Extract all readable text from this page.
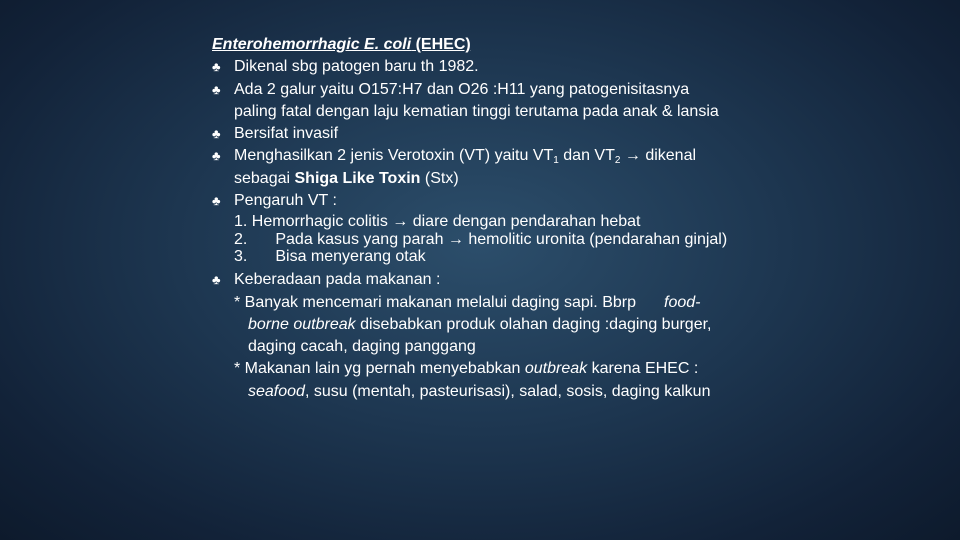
Enterohemorrhagic E. coli (EHEC)
♣ Dikenal sbg patogen baru th 1982.
♣ Ada 2 galur yaitu O157:H7 dan O26 :H11 yang patogenisitasnya
paling fatal dengan laju kematian tinggi terutama pada anak & lansia
♣ Bersifat invasif
♣ Menghasilkan 2 jenis Verotoxin (VT) yaitu $VT_1$ dan $VT_2$ → dikenal
sebagai Shiga Like Toxin (Stx)
♣ Pengaruh VT :
1. Hemorrhagic colitis → diare dengan pendarahan hebat
2. Pada kasus yang parah → hemolitic uronita (pendarahan ginjal)
3. Bisa menyerang otak
♣ Keberadaan pada makanan :
* Banyak mencemari makanan melalui daging sapi. Bbrp food-
borne outbreak disebabkan produk olahan daging :daging burger,
daging cacah, daging panggang
* Makanan lain yg pernah menyebabkan outbreak karena EHEC :
seafood, susu (mentah, pasteurisasi), salad, sosis, daging kalkun
